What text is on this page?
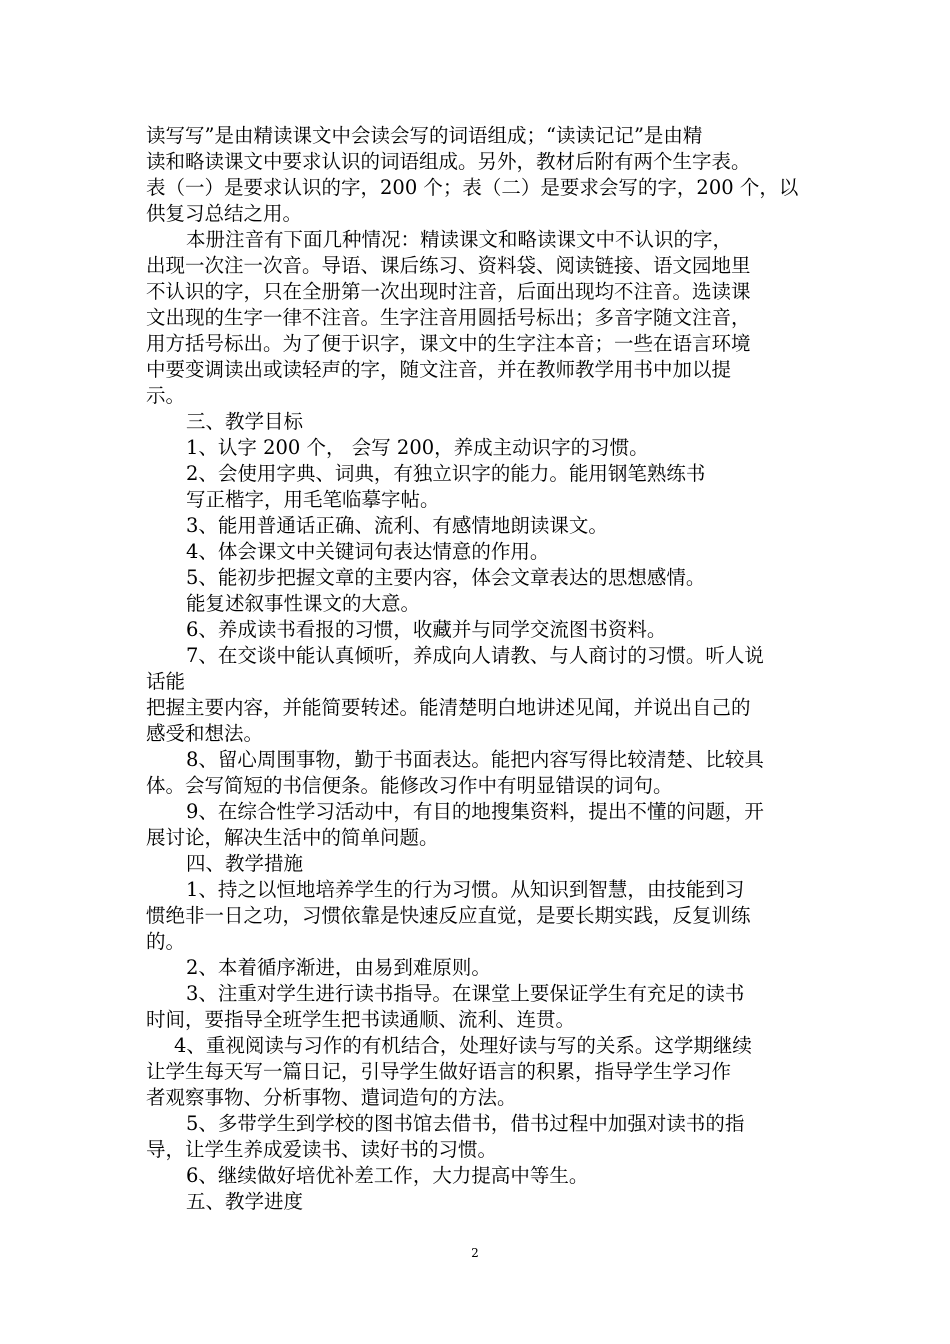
读写写”是由精读课文中会读会写的词语组成；“读读记记”是由精
读和略读课文中要求认识的词语组成。另外，教材后附有两个生字表。
表（一）是要求认识的字，200 个；表（二）是要求会写的字，200 个，以
供复习总结之用。
本册注音有下面几种情况：精读课文和略读课文中不认识的字，
出现一次注一次音。导语、课后练习、资料袋、阅读链接、语文园地里
不认识的字，只在全册第一次出现时注音，后面出现均不注音。选读课
文出现的生字一律不注音。生字注音用圆括号标出；多音字随文注音，
用方括号标出。为了便于识字，课文中的生字注本音；一些在语言环境
中要变调读出或读轻声的字，随文注音，并在教师教学用书中加以提
示。
三、教学目标
1、认字 200 个， 会写 200，养成主动识字的习惯。
2、会使用字典、词典，有独立识字的能力。能用钢笔熟练书
写正楷字，用毛笔临摹字帖。
3、能用普通话正确、流利、有感情地朗读课文。
4、体会课文中关键词句表达情意的作用。
5、能初步把握文章的主要内容，体会文章表达的思想感情。
能复述叙事性课文的大意。
6、养成读书看报的习惯，收藏并与同学交流图书资料。
7、在交谈中能认真倾听，养成向人请教、与人商讨的习惯。听人说
话能
把握主要内容，并能简要转述。能清楚明白地讲述见闻，并说出自己的
感受和想法。
8、留心周围事物，勤于书面表达。能把内容写得比较清楚、比较具
体。会写简短的书信便条。能修改习作中有明显错误的词句。
9、在综合性学习活动中，有目的地搜集资料，提出不懂的问题，开
展讨论，解决生活中的简单问题。
四、教学措施
1、持之以恒地培养学生的行为习惯。从知识到智慧，由技能到习
惯绝非一日之功，习惯依靠是快速反应直觉，是要长期实践，反复训练
的。
2、本着循序渐进，由易到难原则。
3、注重对学生进行读书指导。在课堂上要保证学生有充足的读书
时间，要指导全班学生把书读通顺、流利、连贯。
4、重视阅读与习作的有机结合，处理好读与写的关系。这学期继续
让学生每天写一篇日记，引导学生做好语言的积累，指导学生学习作
者观察事物、分析事物、遣词造句的方法。
5、多带学生到学校的图书馆去借书，借书过程中加强对读书的指
导，让学生养成爱读书、读好书的习惯。
6、继续做好培优补差工作，大力提高中等生。
五、教学进度
2
